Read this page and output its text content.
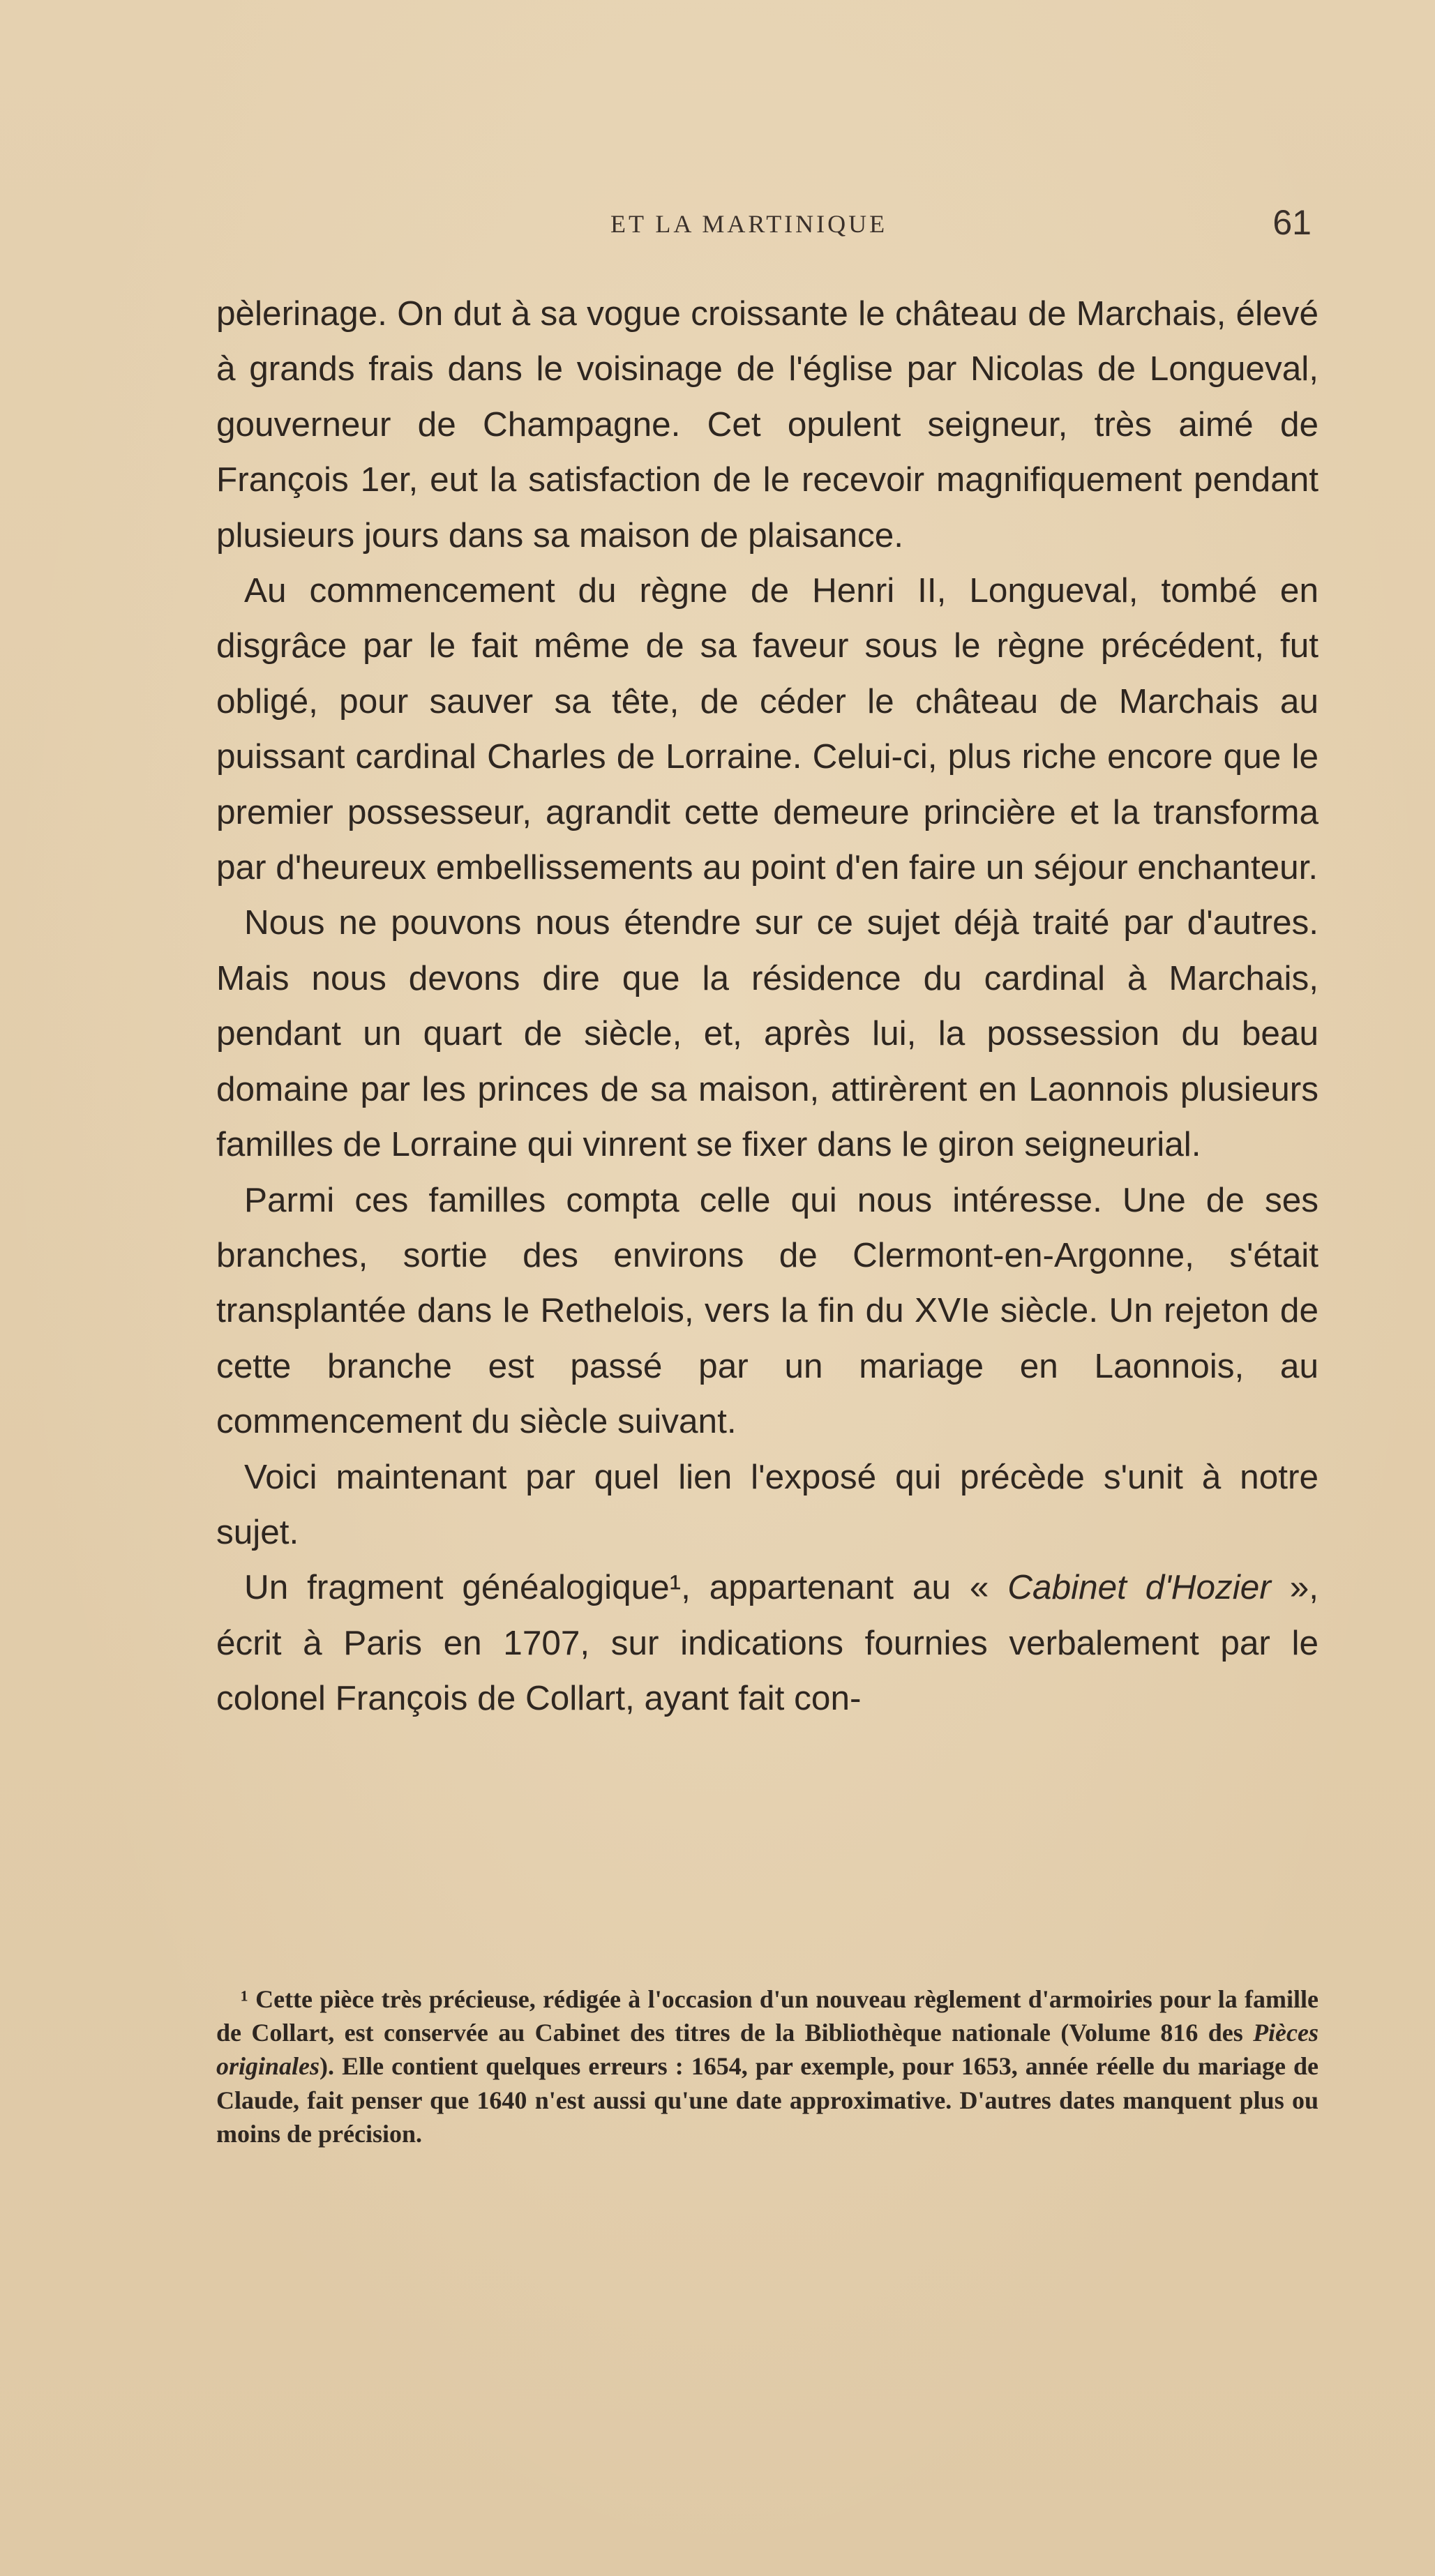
ET LA MARTINIQUE	61

pèlerinage. On dut à sa vogue croissante le château de Marchais, élevé à grands frais dans le voisinage de l'église par Nicolas de Longueval, gouverneur de Champagne. Cet opulent seigneur, très aimé de François 1er, eut la satisfaction de le recevoir magnifiquement pendant plusieurs jours dans sa maison de plaisance.

Au commencement du règne de Henri II, Longueval, tombé en disgrâce par le fait même de sa faveur sous le règne précédent, fut obligé, pour sauver sa tête, de céder le château de Marchais au puissant cardinal Charles de Lorraine. Celui-ci, plus riche encore que le premier possesseur, agrandit cette demeure princière et la transforma par d'heureux embellissements au point d'en faire un séjour enchanteur.

Nous ne pouvons nous étendre sur ce sujet déjà traité par d'autres. Mais nous devons dire que la résidence du cardinal à Marchais, pendant un quart de siècle, et, après lui, la possession du beau domaine par les princes de sa maison, attirèrent en Laonnois plusieurs familles de Lorraine qui vinrent se fixer dans le giron seigneurial.

Parmi ces familles compta celle qui nous intéresse. Une de ses branches, sortie des environs de Clermont-en-Argonne, s'était transplantée dans le Rethelois, vers la fin du XVIe siècle. Un rejeton de cette branche est passé par un mariage en Laonnois, au commencement du siècle suivant.

Voici maintenant par quel lien l'exposé qui précède s'unit à notre sujet.

Un fragment généalogique¹, appartenant au « Cabinet d'Hozier », écrit à Paris en 1707, sur indications fournies verbalement par le colonel François de Collart, ayant fait con-

¹ Cette pièce très précieuse, rédigée à l'occasion d'un nouveau règlement d'armoiries pour la famille de Collart, est conservée au Cabinet des titres de la Bibliothèque nationale (Volume 816 des Pièces originales). Elle contient quelques erreurs : 1654, par exemple, pour 1653, année réelle du mariage de Claude, fait penser que 1640 n'est aussi qu'une date approximative. D'autres dates manquent plus ou moins de précision.
